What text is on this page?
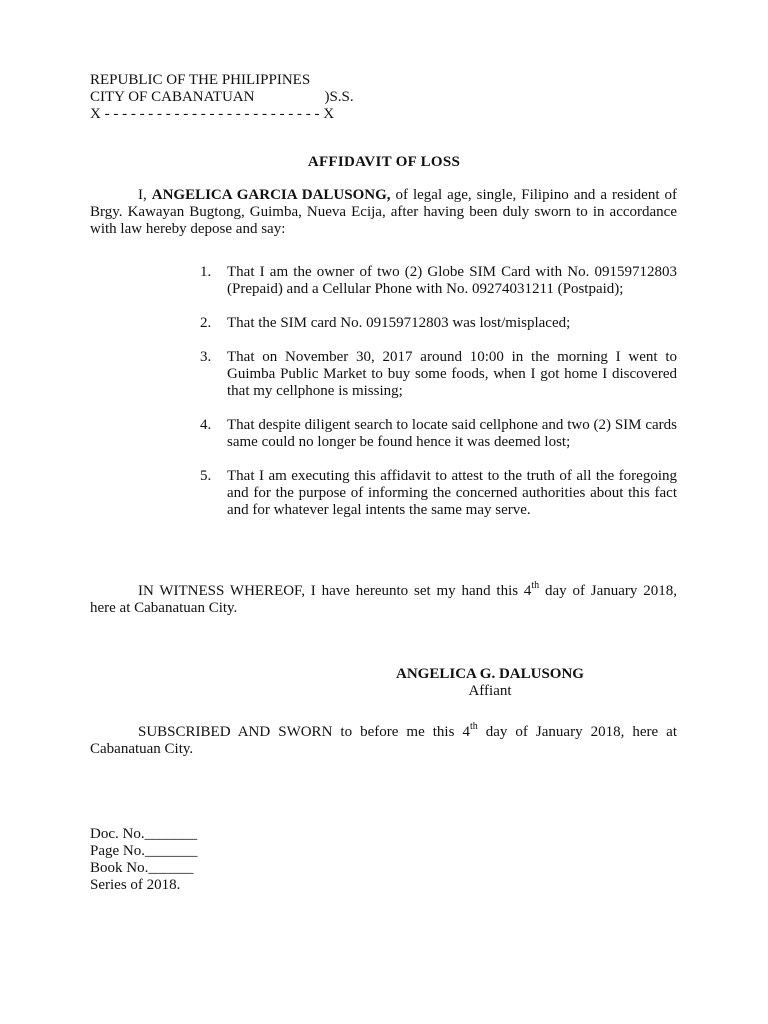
REPUBLIC OF THE PHILIPPINES
CITY OF CABANATUAN	)S.S.
X - - - - - - - - - - - - - - - - - - - - - - - - - X
AFFIDAVIT OF LOSS
I, ANGELICA GARCIA DALUSONG, of legal age, single, Filipino and a resident of Brgy. Kawayan Bugtong, Guimba, Nueva Ecija, after having been duly sworn to in accordance with law hereby depose and say:
1. That I am the owner of two (2) Globe SIM Card with No. 09159712803 (Prepaid) and a Cellular Phone with No. 09274031211 (Postpaid);
2. That the SIM card No. 09159712803 was lost/misplaced;
3. That on November 30, 2017 around 10:00 in the morning I went to Guimba Public Market to buy some foods, when I got home I discovered that my cellphone is missing;
4. That despite diligent search to locate said cellphone and two (2) SIM cards same could no longer be found hence it was deemed lost;
5. That I am executing this affidavit to attest to the truth of all the foregoing and for the purpose of informing the concerned authorities about this fact and for whatever legal intents the same may serve.
IN WITNESS WHEREOF, I have hereunto set my hand this 4th day of January 2018, here at Cabanatuan City.
ANGELICA G. DALUSONG
Affiant
SUBSCRIBED AND SWORN to before me this 4th day of January 2018, here at Cabanatuan City.
Doc. No._______
Page No._______
Book No.______
Series of 2018.
